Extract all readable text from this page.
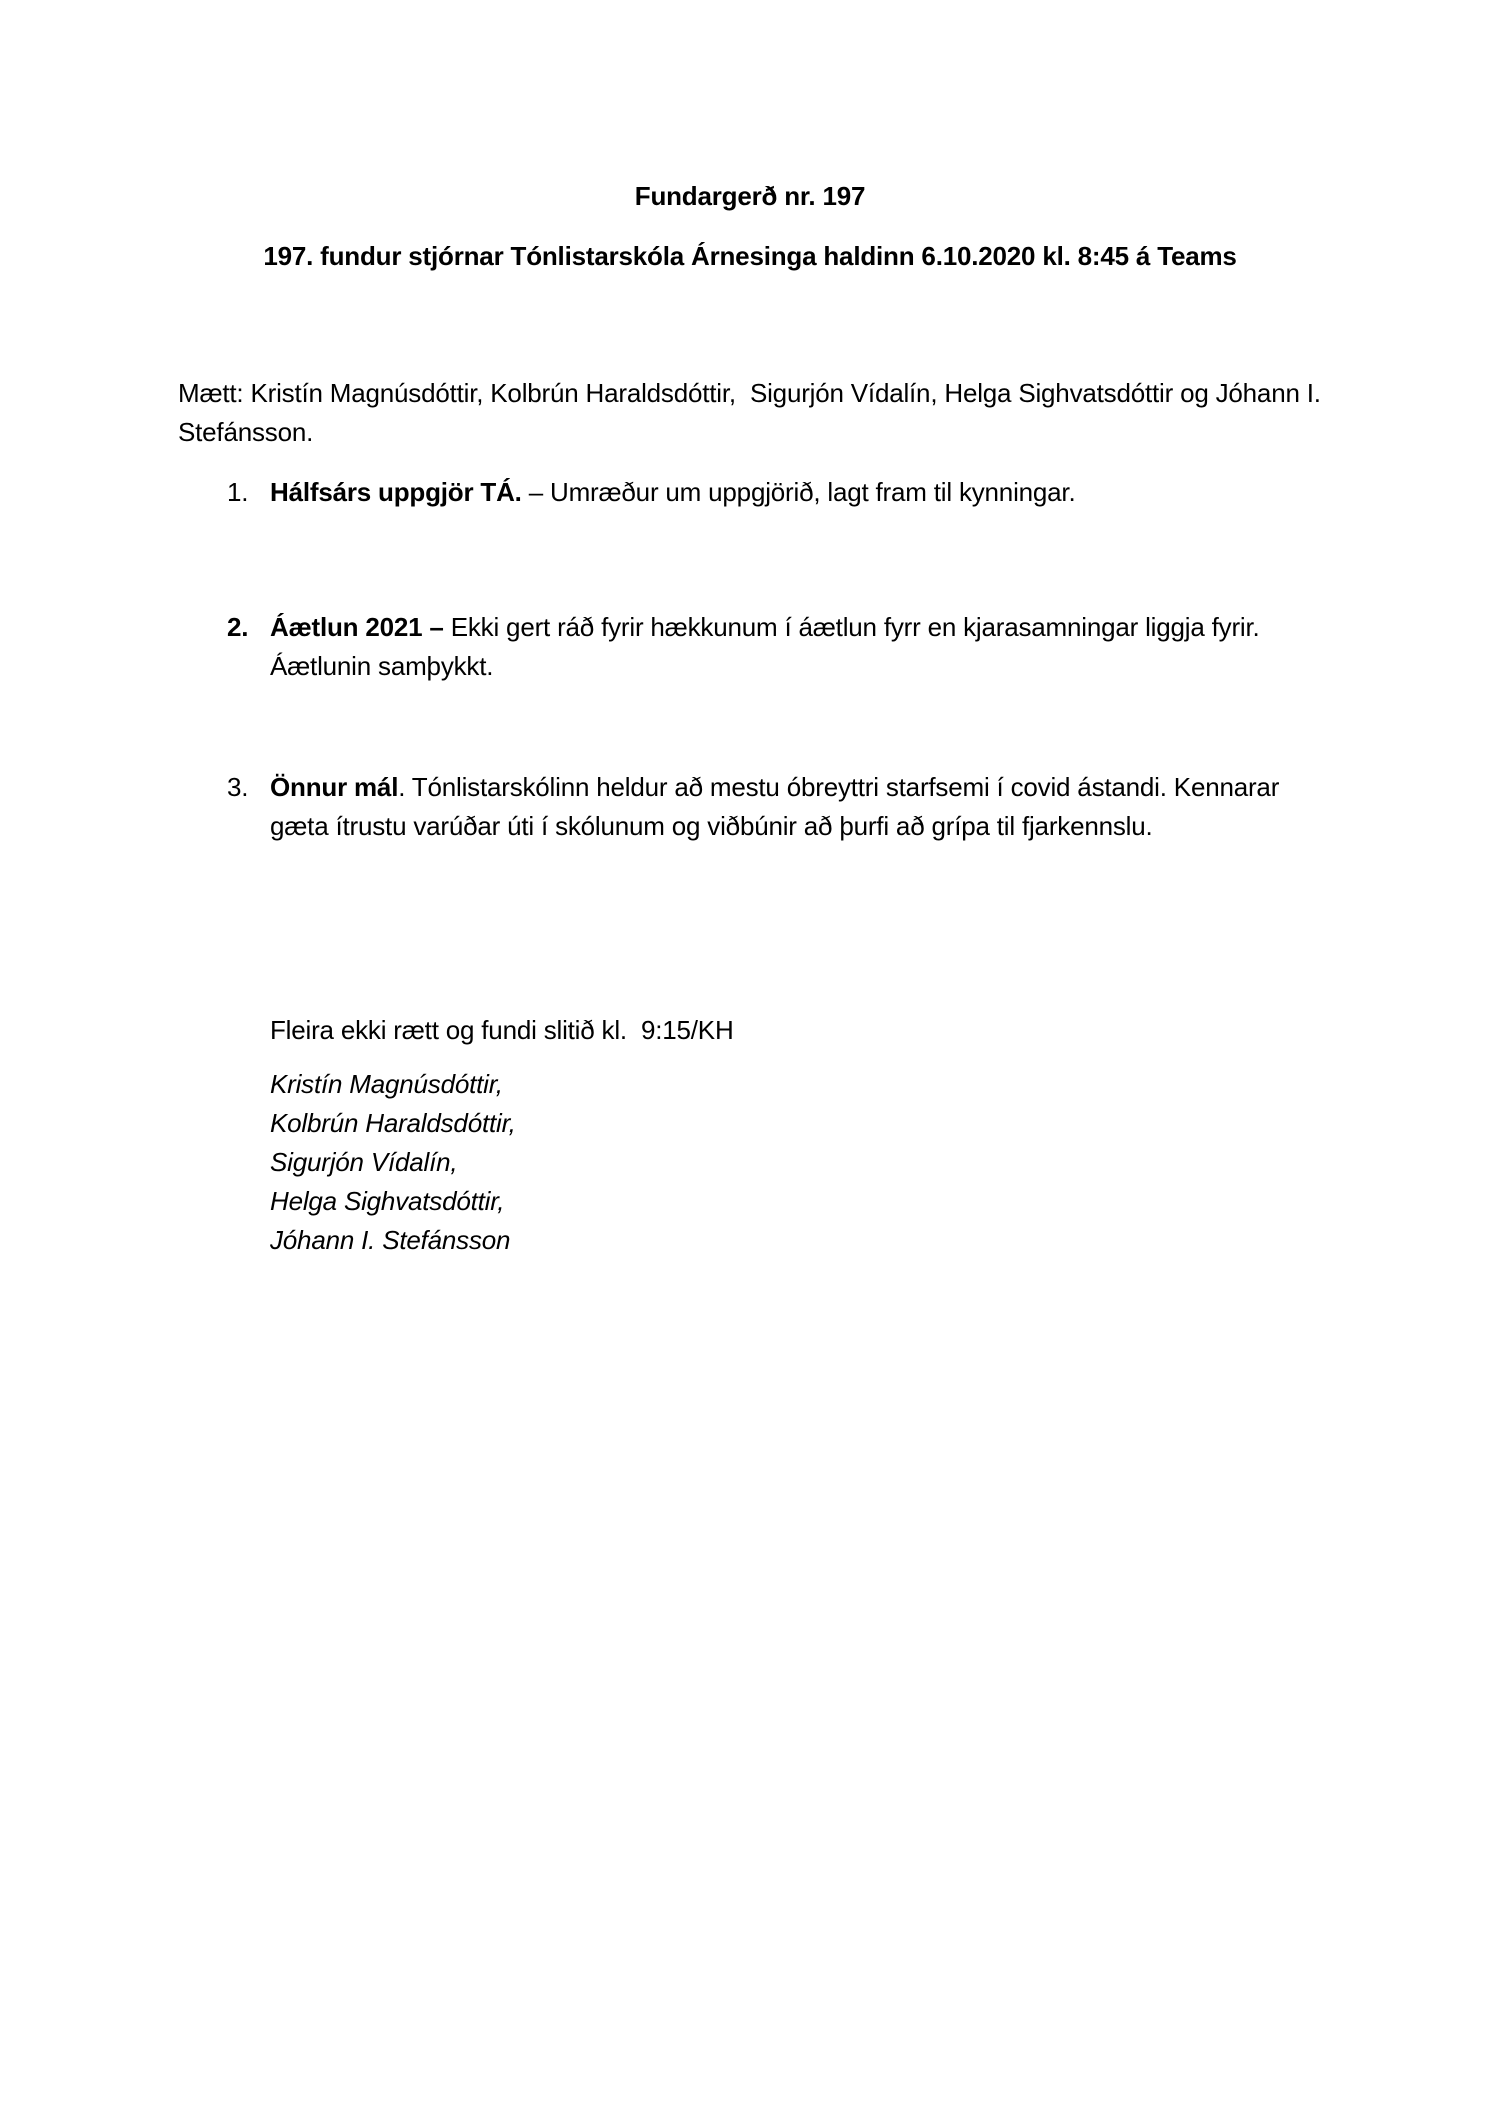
Fundargerð nr. 197
197. fundur stjórnar Tónlistarskóla Árnesinga haldinn 6.10.2020 kl. 8:45 á Teams
Mætt: Kristín Magnúsdóttir, Kolbrún Haraldsdóttir,  Sigurjón Vídalín, Helga Sighvatsdóttir og Jóhann I.
Stefánsson.
1. Hálfsárs uppgjör TÁ. – Umræður um uppgjörið, lagt fram til kynningar.
2. Áætlun 2021 – Ekki gert ráð fyrir hækkunum í áætlun fyrr en kjarasamningar liggja fyrir.
Áætlunin samþykkt.
3. Önnur mál. Tónlistarskólinn heldur að mestu óbreyttri starfsemi í covid ástandi. Kennarar
gæta ítrustu varúðar úti í skólunum og viðbúnir að þurfi að grípa til fjarkennslu.
Fleira ekki rætt og fundi slitið kl.  9:15/KH
Kristín Magnúsdóttir,
Kolbrún Haraldsdóttir,
Sigurjón Vídalín,
Helga Sighvatsdóttir,
Jóhann I. Stefánsson
